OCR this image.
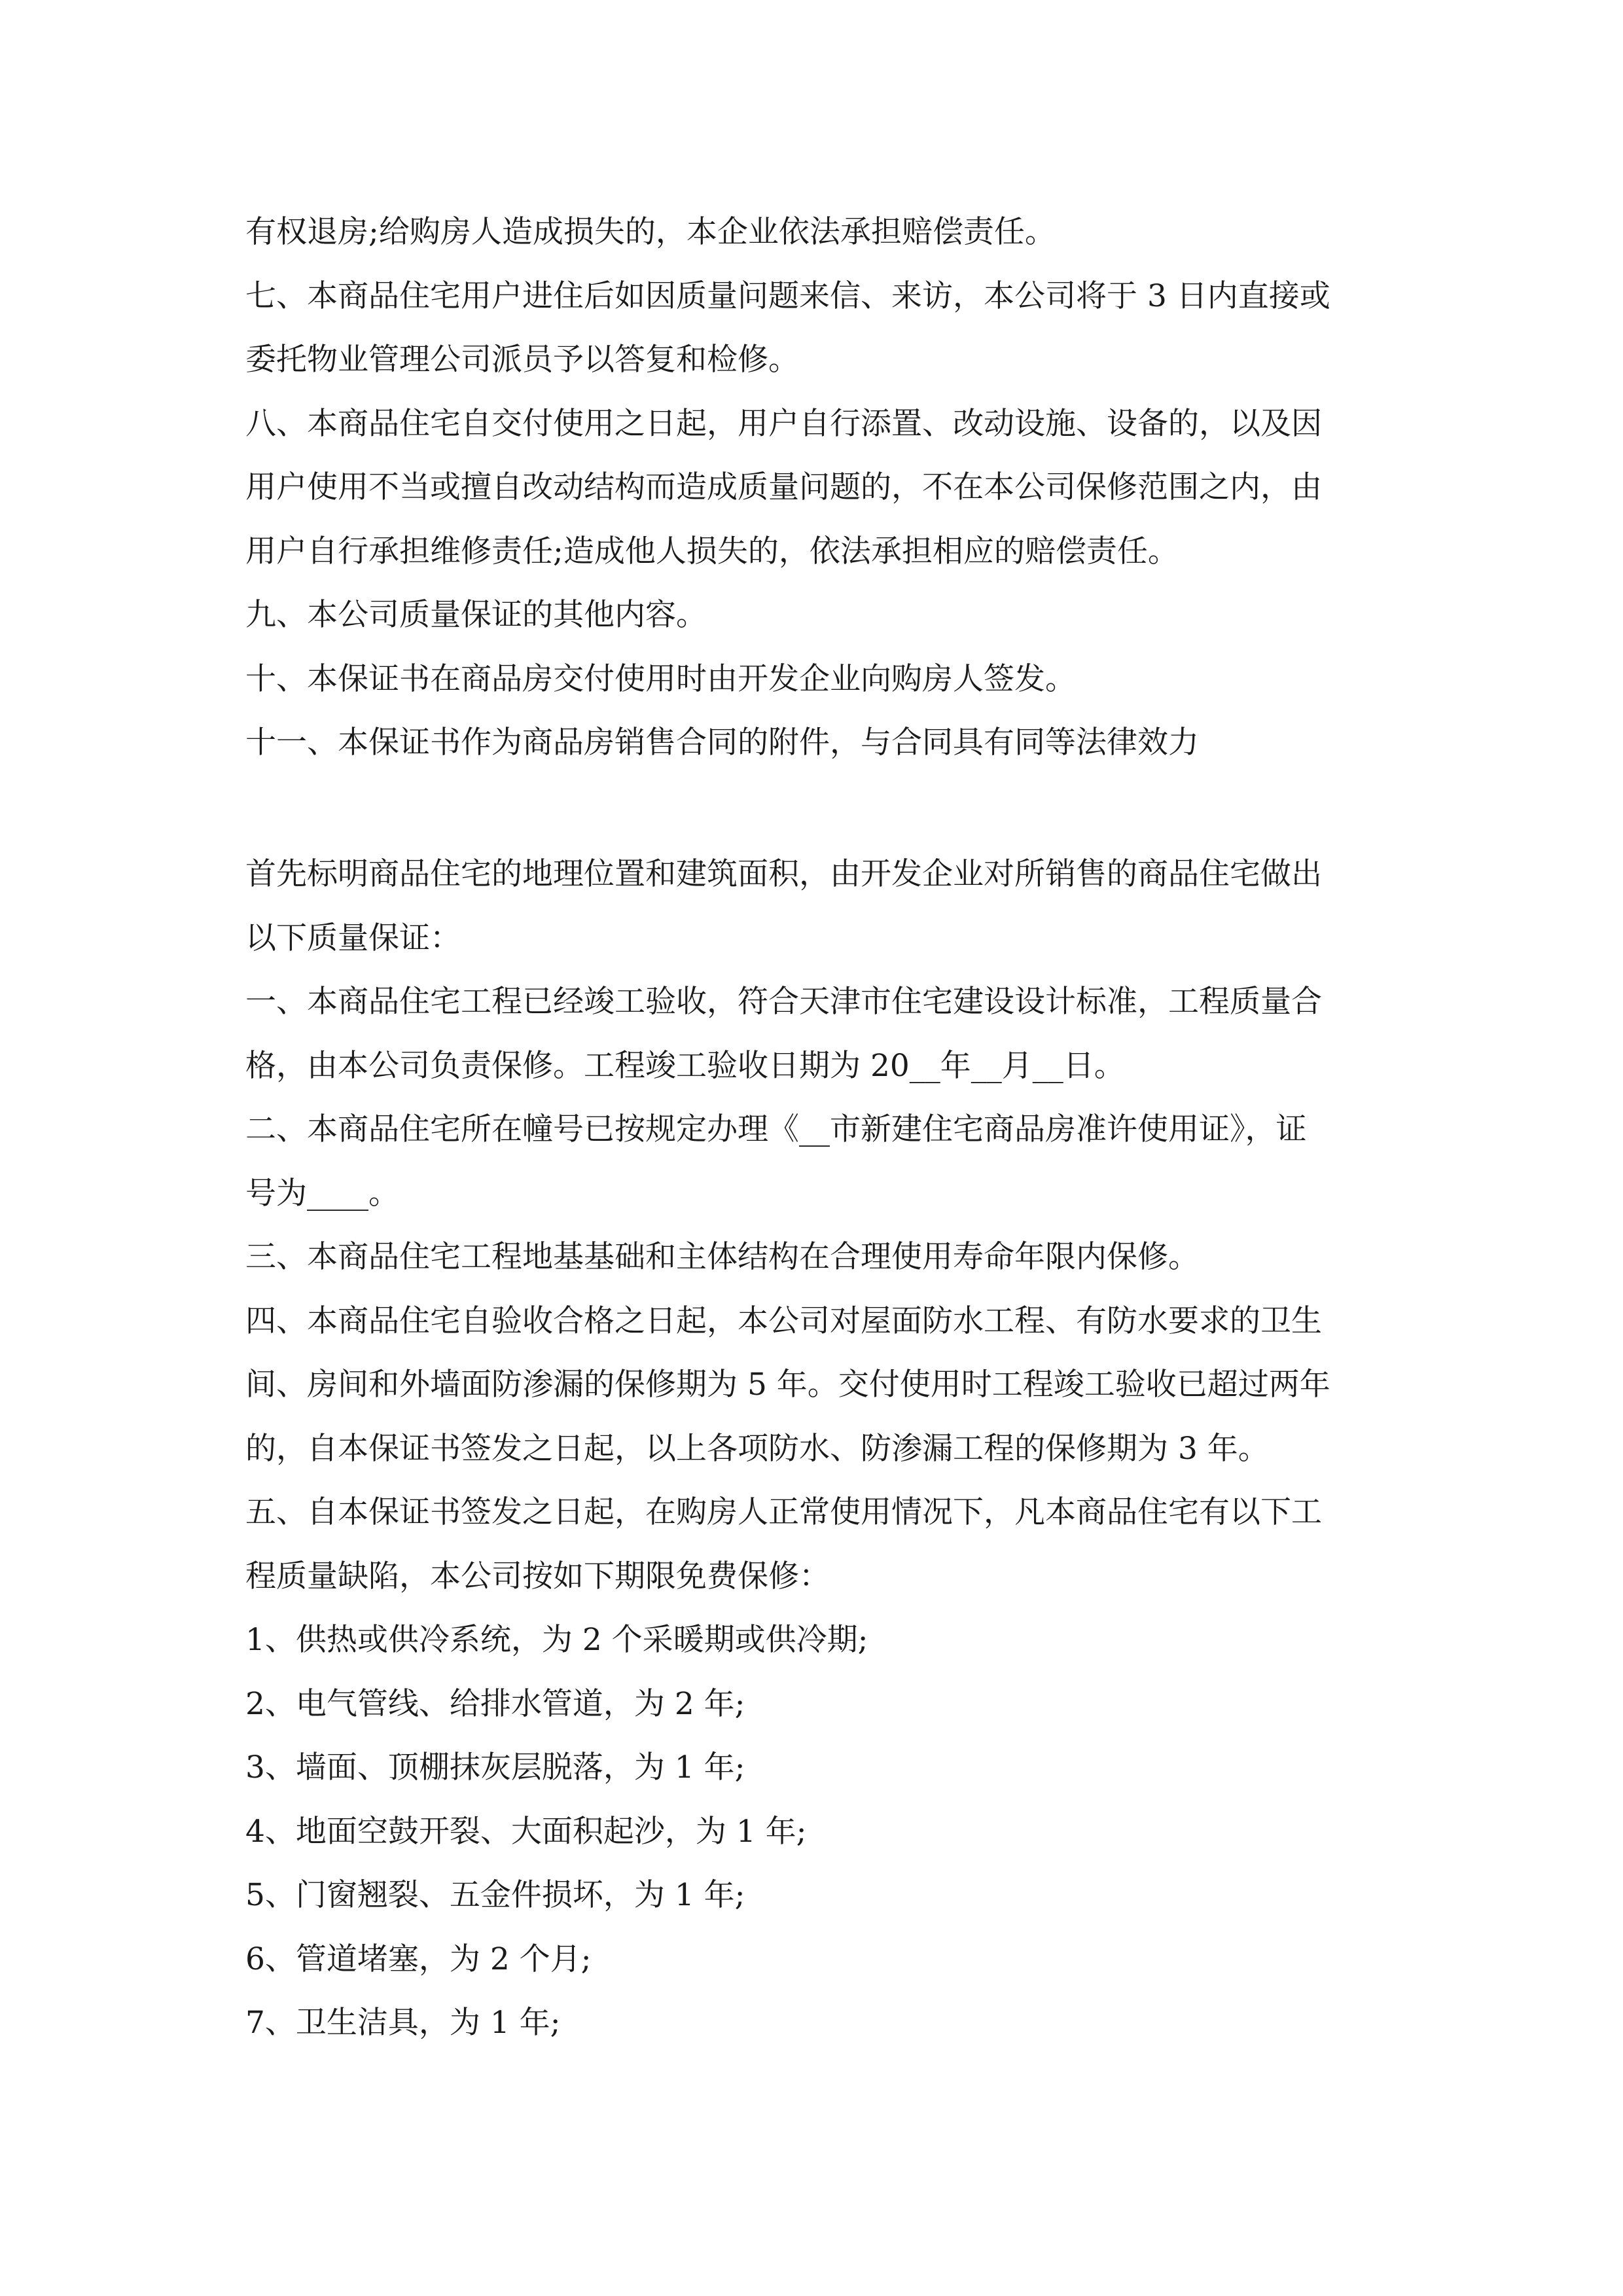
有权退房;给购房人造成损失的，本企业依法承担赔偿责任。
七、本商品住宅用户进住后如因质量问题来信、来访，本公司将于 3 日内直接或
委托物业管理公司派员予以答复和检修。
八、本商品住宅自交付使用之日起，用户自行添置、改动设施、设备的，以及因
用户使用不当或擅自改动结构而造成质量问题的，不在本公司保修范围之内，由
用户自行承担维修责任;造成他人损失的，依法承担相应的赔偿责任。
九、本公司质量保证的其他内容。
十、本保证书在商品房交付使用时由开发企业向购房人签发。
十一、本保证书作为商品房销售合同的附件，与合同具有同等法律效力
首先标明商品住宅的地理位置和建筑面积，由开发企业对所销售的商品住宅做出
以下质量保证：
一、本商品住宅工程已经竣工验收，符合天津市住宅建设设计标准，工程质量合
格，由本公司负责保修。工程竣工验收日期为 20__年__月__日。
二、本商品住宅所在幢号已按规定办理《__市新建住宅商品房准许使用证》，证
号为____。
三、本商品住宅工程地基基础和主体结构在合理使用寿命年限内保修。
四、本商品住宅自验收合格之日起，本公司对屋面防水工程、有防水要求的卫生
间、房间和外墙面防渗漏的保修期为 5 年。交付使用时工程竣工验收已超过两年
的，自本保证书签发之日起，以上各项防水、防渗漏工程的保修期为 3 年。
五、自本保证书签发之日起，在购房人正常使用情况下，凡本商品住宅有以下工
程质量缺陷，本公司按如下期限免费保修：
1、供热或供冷系统，为 2 个采暖期或供冷期;
2、电气管线、给排水管道，为 2 年;
3、墙面、顶棚抹灰层脱落，为 1 年;
4、地面空鼓开裂、大面积起沙，为 1 年;
5、门窗翘裂、五金件损坏，为 1 年;
6、管道堵塞，为 2 个月;
7、卫生洁具，为 1 年;
